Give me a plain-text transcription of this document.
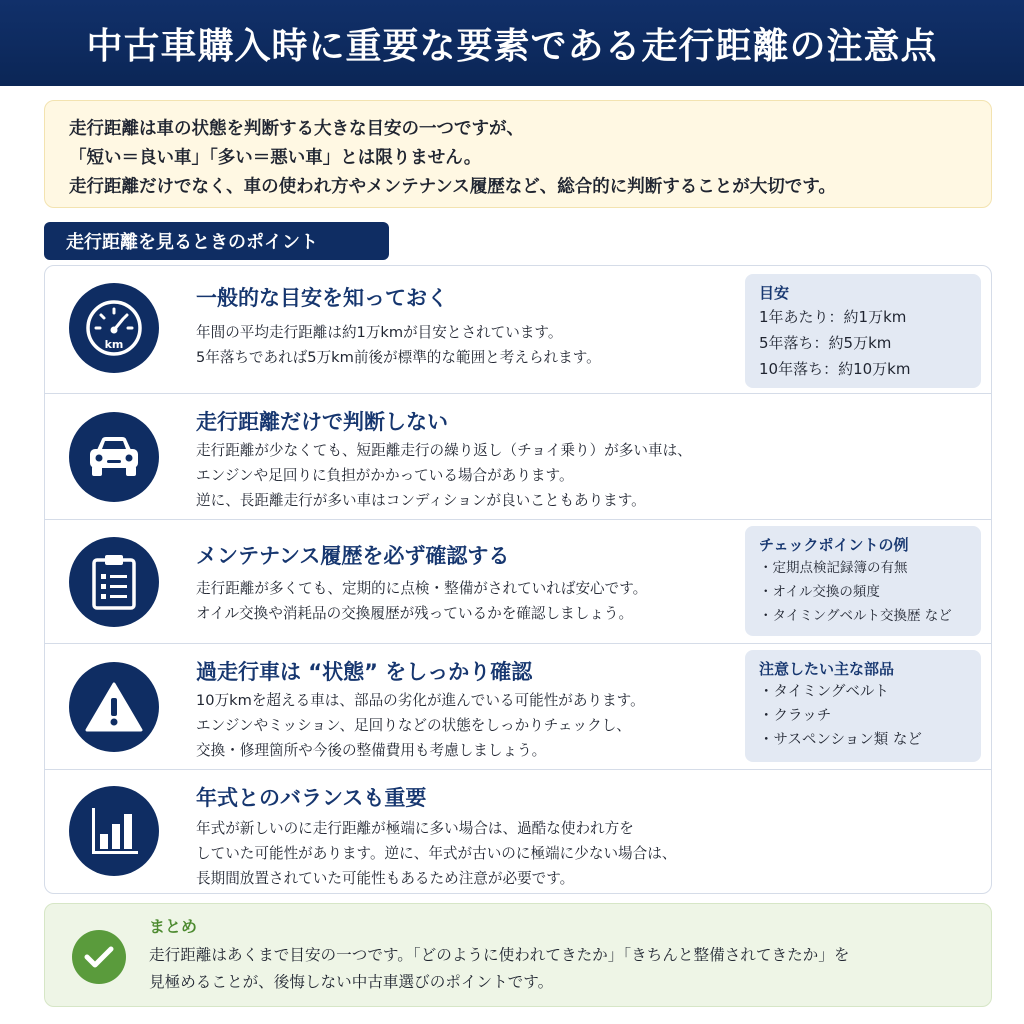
中古車購入時に重要な要素である走行距離の注意点

走行距離は車の状態を判断する大きな目安の一つですが、

「短い＝良い車」「多い＝悪い車」とは限りません。

走行距離だけでなく、車の使われ方やメンテナンス履歴など、総合的に判断することが大切です。

走行距離を見るときのポイント
km
一般的な目安を知っておく
年間の平均走行距離は約1万kmが目安とされています。
5年落ちであれば5万km前後が標準的な範囲と考えられます。
目安
1年あたり：約1万km
5年落ち：約5万km
10年落ち：約10万km
走行距離だけで判断しない
走行距離が少なくても、短距離走行の繰り返し（チョイ乗り）が多い車は、
エンジンや足回りに負担がかかっている場合があります。
逆に、長距離走行が多い車はコンディションが良いこともあります。
メンテナンス履歴を必ず確認する
走行距離が多くても、定期的に点検・整備がされていれば安心です。
オイル交換や消耗品の交換履歴が残っているかを確認しましょう。
チェックポイントの例
・定期点検記録簿の有無
・オイル交換の頻度
・タイミングベルト交換歴 など
過走行車は “状態” をしっかり確認
10万kmを超える車は、部品の劣化が進んでいる可能性があります。
エンジンやミッション、足回りなどの状態をしっかりチェックし、
交換・修理箇所や今後の整備費用も考慮しましょう。
注意したい主な部品
・タイミングベルト
・クラッチ
・サスペンション類 など
年式とのバランスも重要
年式が新しいのに走行距離が極端に多い場合は、過酷な使われ方を
していた可能性があります。逆に、年式が古いのに極端に少ない場合は、
長期間放置されていた可能性もあるため注意が必要です。
まとめ
走行距離はあくまで目安の一つです。「どのように使われてきたか」「きちんと整備されてきたか」を
見極めることが、後悔しない中古車選びのポイントです。
